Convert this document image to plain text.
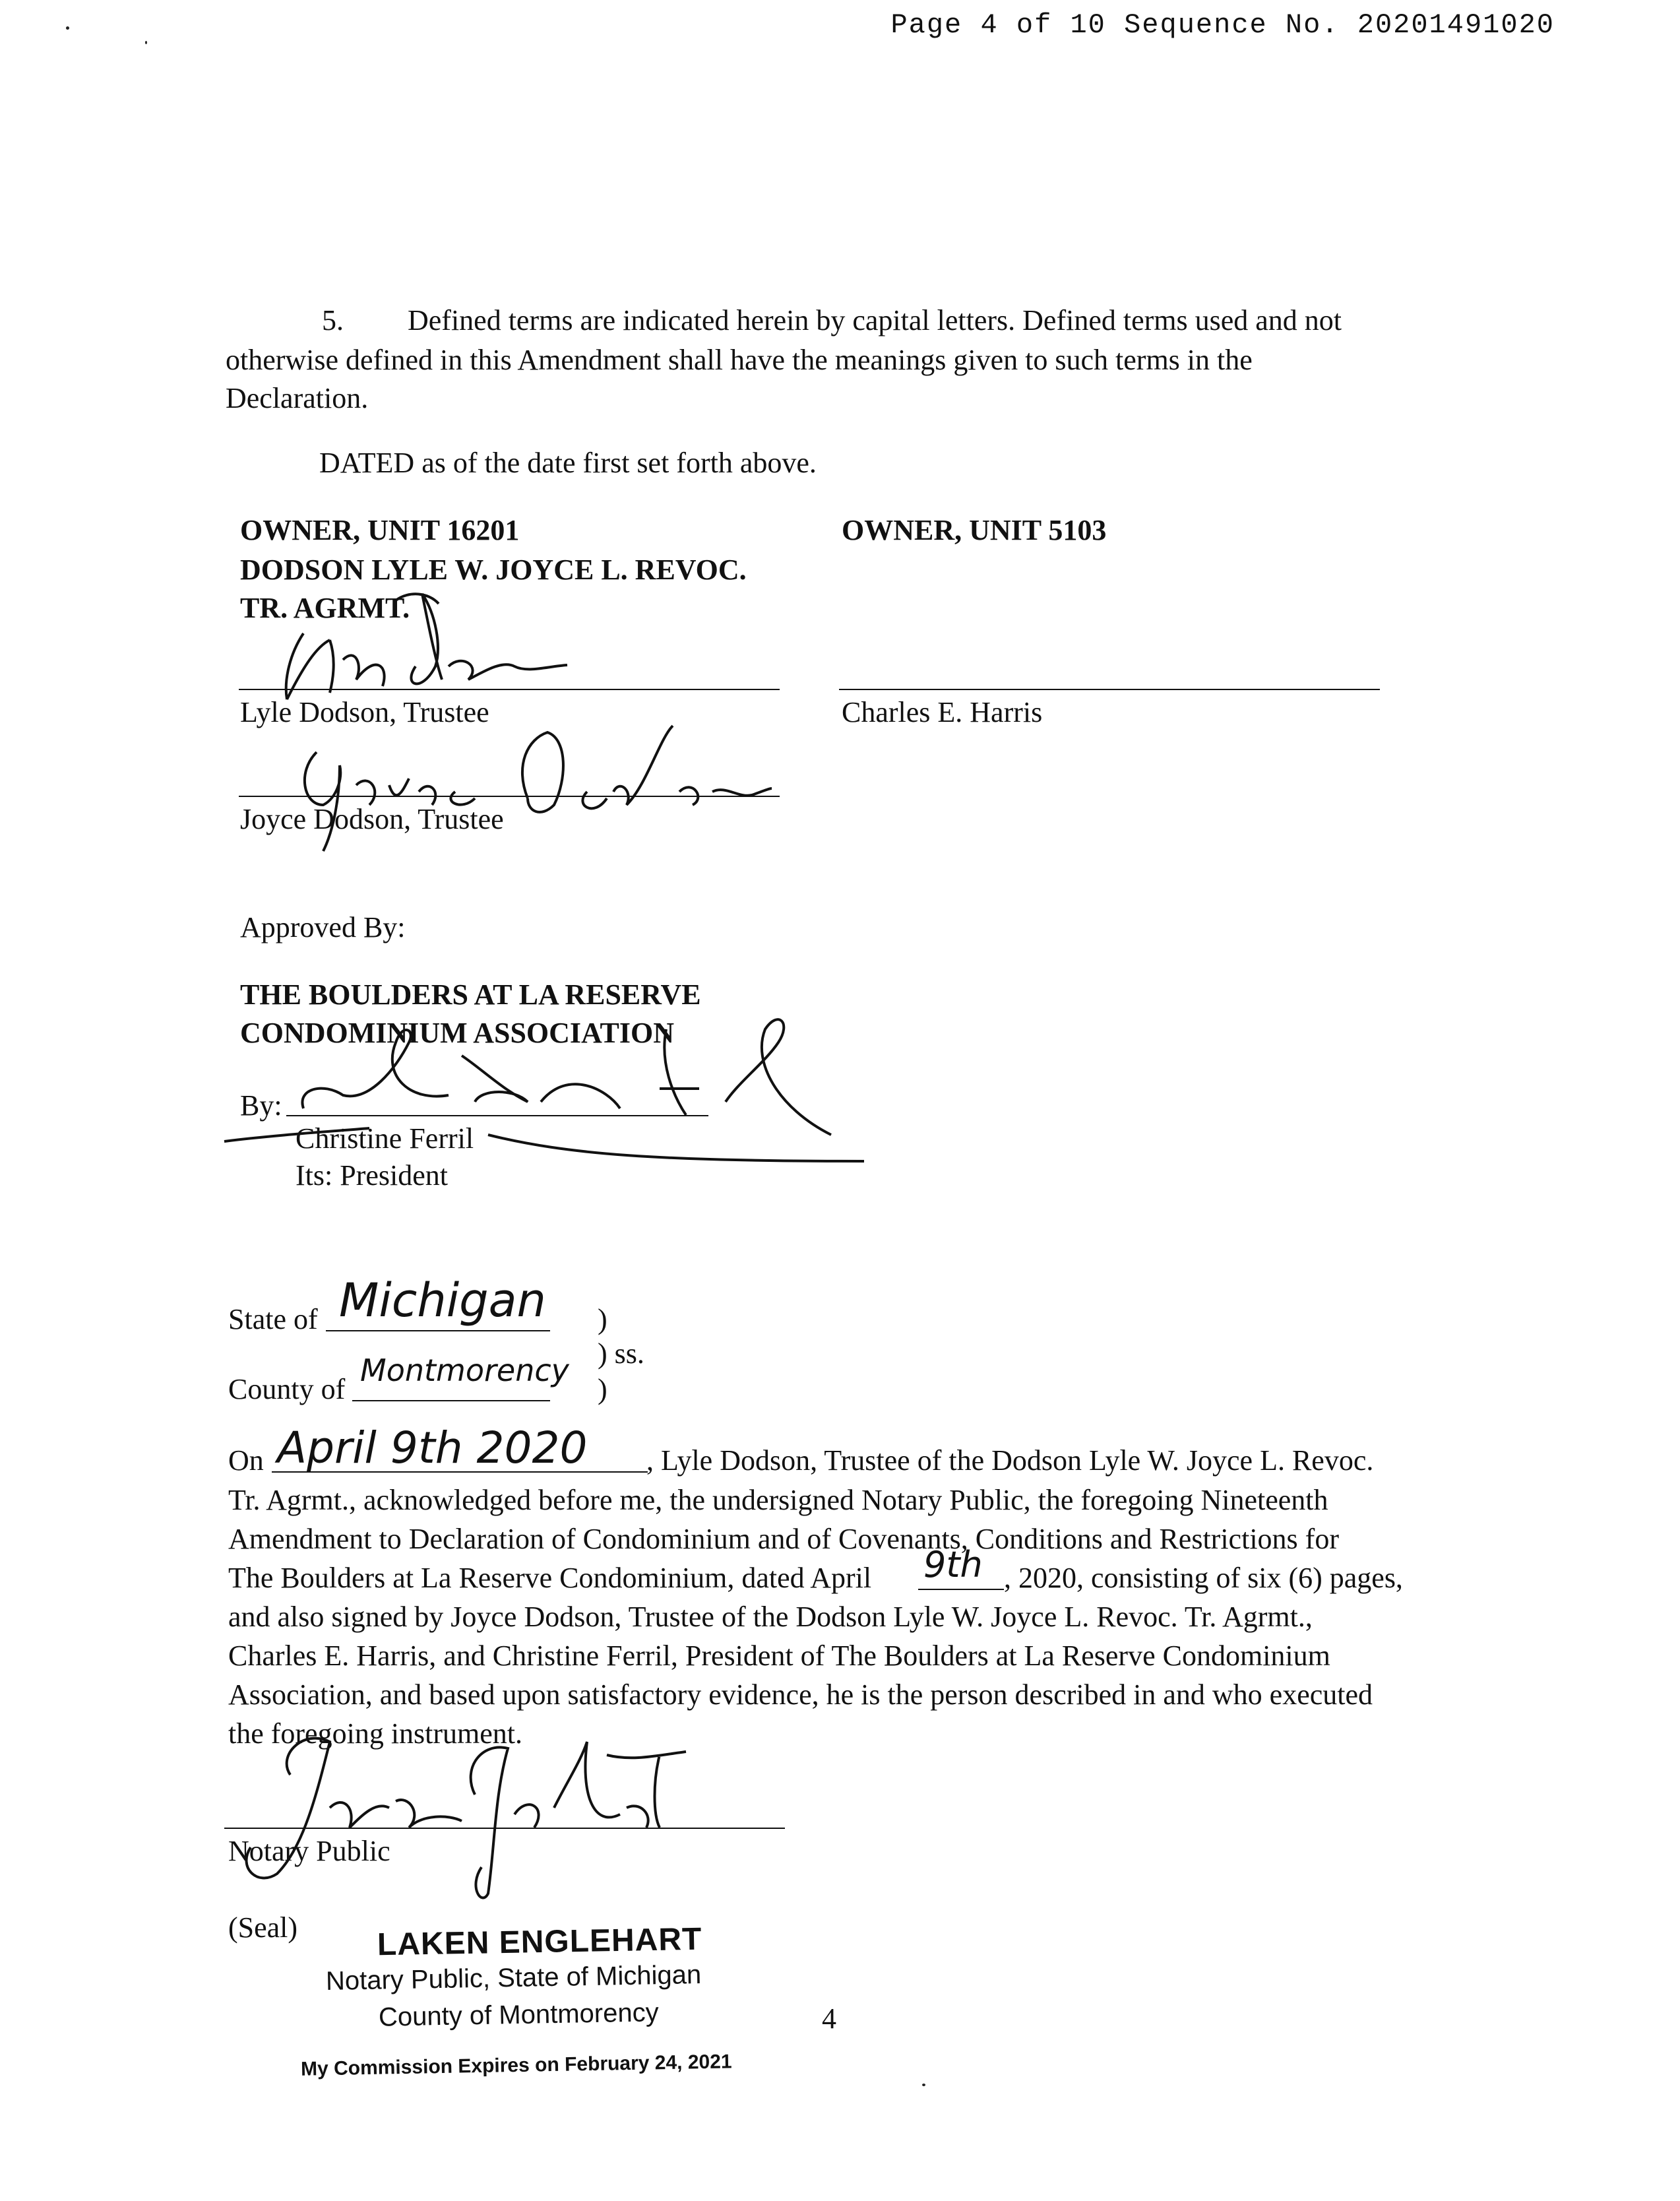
Page 4 of 10 Sequence No. 20201491020
5. Defined terms are indicated herein by capital letters. Defined terms used and not
otherwise defined in this Amendment shall have the meanings given to such terms in the
Declaration.
DATED as of the date first set forth above.
OWNER, UNIT 16201
DODSON LYLE W. JOYCE L. REVOC.
TR. AGRMT.
OWNER, UNIT 5103
Lyle Dodson, Trustee	Charles E. Harris
Joyce Dodson, Trustee
Approved By:
THE BOULDERS AT LA RESERVE
CONDOMINIUM ASSOCIATION
By:
Christine Ferril
Its: President
State of Michigan )
) ss.
County of
Montmorency
)
On April 9th 2020 , Lyle Dodson, Trustee of the Dodson Lyle W. Joyce L. Revoc.
Tr. Agrmt., acknowledged before me, the undersigned Notary Public, the foregoing Nineteenth
Amendment to Declaration of Condominium and of Covenants, Conditions and Restrictions for
The Boulders at La Reserve Condominium, dated April 9th , 2020, consisting of six (6) pages,
and also signed by Joyce Dodson, Trustee of the Dodson Lyle W. Joyce L. Revoc. Tr. Agrmt.,
Charles E. Harris, and Christine Ferril, President of The Boulders at La Reserve Condominium
Association, and based upon satisfactory evidence, he is the person described in and who executed
the foregoing instrument.
Notary Public
(Seal)	LAKEN ENGLEHART
Notary Public, State of Michigan
County of Montmorency
My Commission Expires on February 24, 2021
4
